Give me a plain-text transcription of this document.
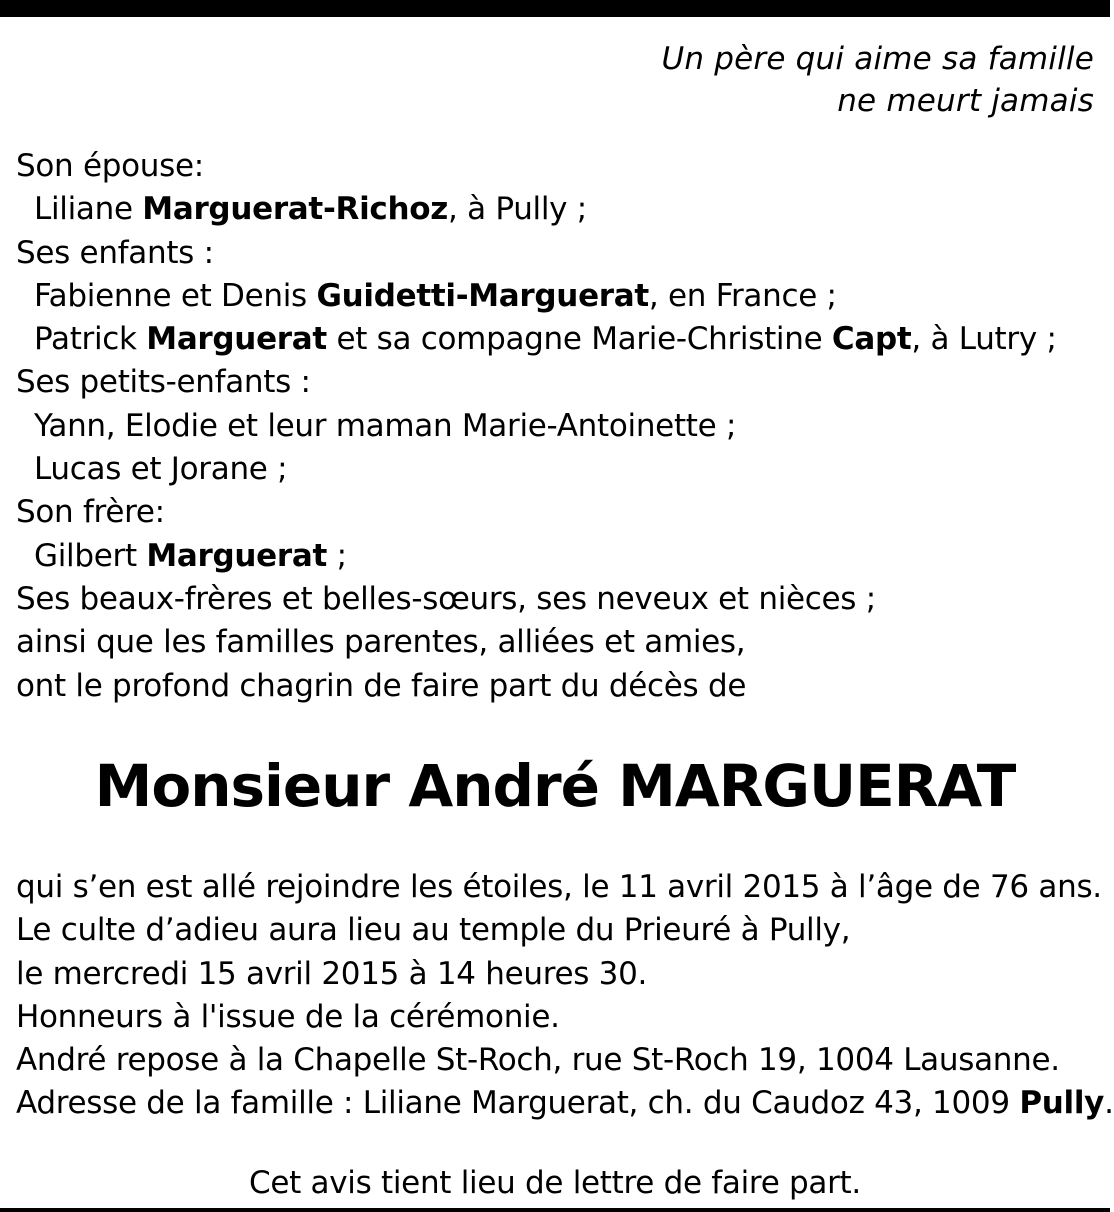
Un père qui aime sa famille
ne meurt jamais
Son épouse:
Liliane Marguerat-Richoz, à Pully ;
Ses enfants :
Fabienne et Denis Guidetti-Marguerat, en France ;
Patrick Marguerat et sa compagne Marie-Christine Capt, à Lutry ;
Ses petits-enfants :
Yann, Elodie et leur maman Marie-Antoinette ;
Lucas et Jorane ;
Son frère:
Gilbert Marguerat ;
Ses beaux-frères et belles-sœurs, ses neveux et nièces ;
ainsi que les familles parentes, alliées et amies,
ont le profond chagrin de faire part du décès de
Monsieur André MARGUERAT
qui s’en est allé rejoindre les étoiles, le 11 avril 2015 à l’âge de 76 ans.
Le culte d’adieu aura lieu au temple du Prieuré à Pully,
le mercredi 15 avril 2015 à 14 heures 30.
Honneurs à l'issue de la cérémonie.
André repose à la Chapelle St-Roch, rue St-Roch 19, 1004 Lausanne.
Adresse de la famille : Liliane Marguerat, ch. du Caudoz 43, 1009 Pully.
Cet avis tient lieu de lettre de faire part.
